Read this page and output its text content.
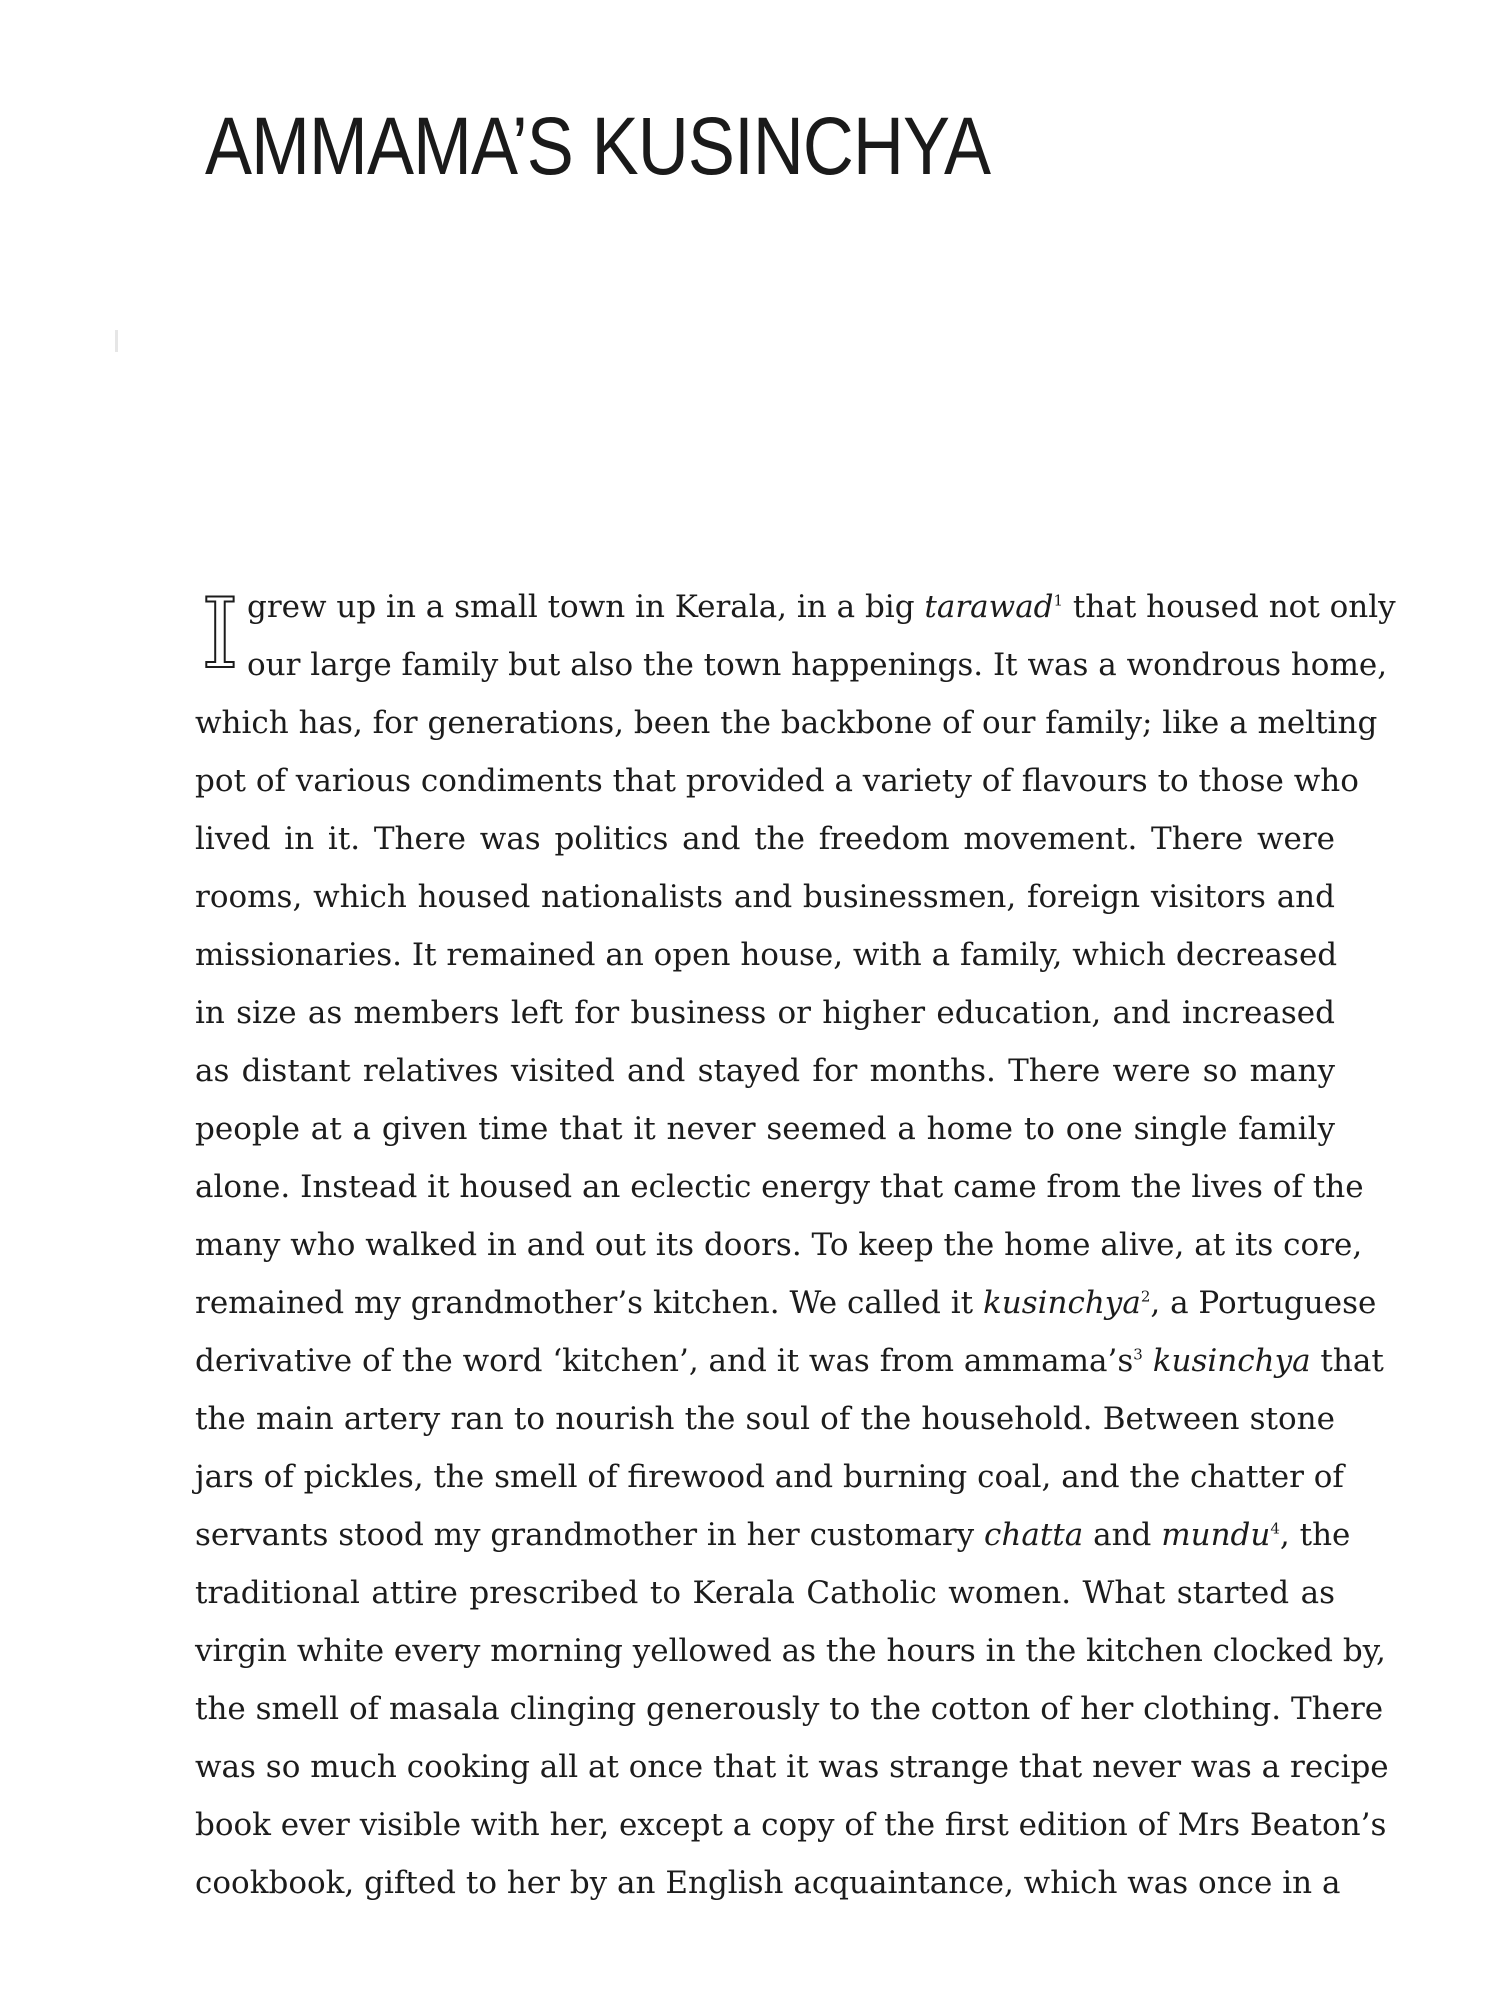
AMMAMA’S KUSINCHYA
I grew up in a small town in Kerala, in a big tarawad$^1$ that housed not only
our large family but also the town happenings. It was a wondrous home,
which has, for generations, been the backbone of our family; like a melting
pot of various condiments that provided a variety of flavours to those who
lived in it. There was politics and the freedom movement. There were
rooms, which housed nationalists and businessmen, foreign visitors and
missionaries. It remained an open house, with a family, which decreased
in size as members left for business or higher education, and increased
as distant relatives visited and stayed for months. There were so many
people at a given time that it never seemed a home to one single family
alone. Instead it housed an eclectic energy that came from the lives of the
many who walked in and out its doors. To keep the home alive, at its core,
remained my grandmother’s kitchen. We called it kusinchya$^2$, a Portuguese
derivative of the word ‘kitchen’, and it was from $ammama’s^3$ kusinchya that
the main artery ran to nourish the soul of the household. Between stone
jars of pickles, the smell of firewood and burning coal, and the chatter of
servants stood my grandmother in her customary chatta and mundu$^4$, the
traditional attire prescribed to Kerala Catholic women. What started as
virgin white every morning yellowed as the hours in the kitchen clocked by,
the smell of masala clinging generously to the cotton of her clothing. There
was so much cooking all at once that it was strange that never was a recipe
book ever visible with her, except a copy of the first edition of Mrs Beaton’s
cookbook, gifted to her by an English acquaintance, which was once in a
